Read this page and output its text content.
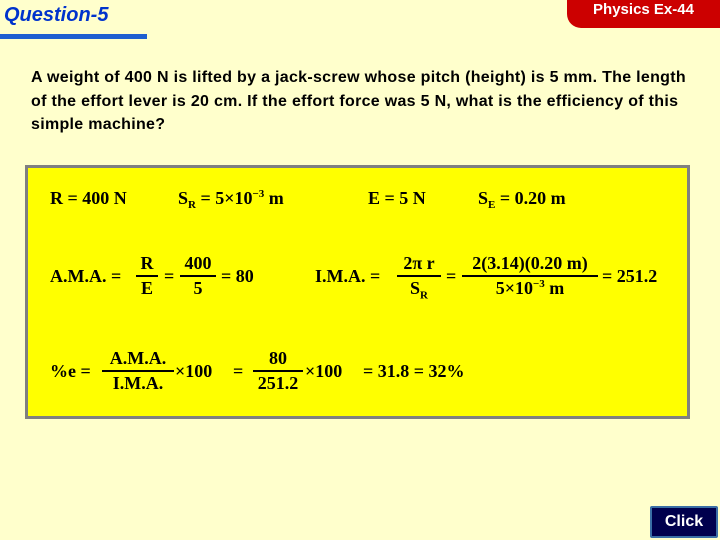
Question-5	Physics Ex-44
A weight of 400 N is lifted by a jack-screw whose pitch (height) is 5 mm. The length of the effort lever is 20 cm. If the effort force was 5 N, what is the efficiency of this simple machine?
R = 400 N	$S_R = 5\times 10^{-3}$ m	E = 5 N	$S_E = 0.20$ m
A.M.A. =
R
E
=
400
5
= 80	I.M.A. =
2π r
$S_R$
=
2(3.14)(0.20 m)
$5\times 10^{-3}$ m
= 251.2
%e =
A.M.A.
I.M.A.
×100 =
80
251.2
×100 = 31.8 = 32%
Click
